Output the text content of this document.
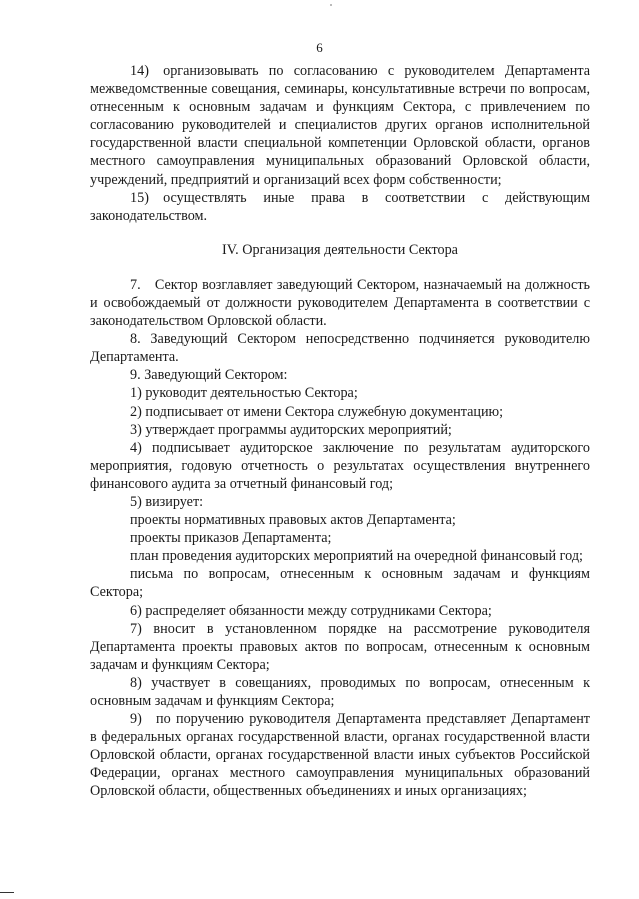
6

14) организовывать по согласованию с руководителем Департамента межведомственные совещания, семинары, консультативные встречи по вопросам, отнесенным к основным задачам и функциям Сектора, с привлечением по согласованию руководителей и специалистов других органов исполнительной государственной власти специальной компетенции Орловской области, органов местного самоуправления муниципальных образований Орловской области, учреждений, предприятий и организаций всех форм собственности;

15) осуществлять иные права в соответствии с действующим законодательством.

IV. Организация деятельности Сектора

7. Сектор возглавляет заведующий Сектором, назначаемый на должность и освобождаемый от должности руководителем Департамента в соответствии с законодательством Орловской области.

8. Заведующий Сектором непосредственно подчиняется руководителю Департамента.

9. Заведующий Сектором:

1) руководит деятельностью Сектора;

2) подписывает от имени Сектора служебную документацию;

3) утверждает программы аудиторских мероприятий;

4) подписывает аудиторское заключение по результатам аудиторского мероприятия, годовую отчетность о результатах осуществления внутреннего финансового аудита за отчетный финансовый год;

5) визирует:

проекты нормативных правовых актов Департамента;

проекты приказов Департамента;

план проведения аудиторских мероприятий на очередной финансовый год;

письма по вопросам, отнесенным к основным задачам и функциям Сектора;

6) распределяет обязанности между сотрудниками Сектора;

7) вносит в установленном порядке на рассмотрение руководителя Департамента проекты правовых актов по вопросам, отнесенным к основным задачам и функциям Сектора;

8) участвует в совещаниях, проводимых по вопросам, отнесенным к основным задачам и функциям Сектора;

9) по поручению руководителя Департамента представляет Департамент в федеральных органах государственной власти, органах государственной власти Орловской области, органах государственной власти иных субъектов Российской Федерации, органах местного самоуправления муниципальных образований Орловской области, общественных объединениях и иных организациях;
